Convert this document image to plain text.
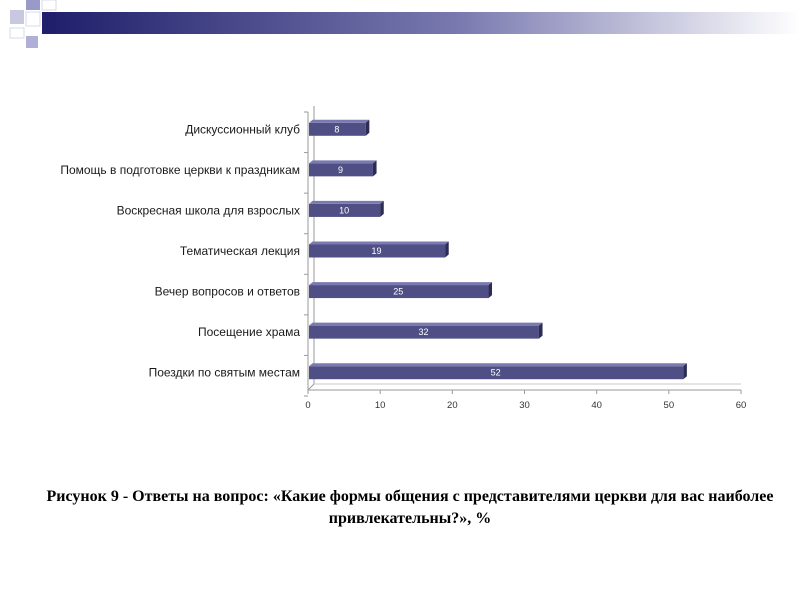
0	10	20	30	40	50	60
Дискуссионный клуб	8
Помощь в подготовке церкви к праздникам	9
Воскресная школа для взрослых	10
Тематическая лекция	19
Вечер вопросов и ответов	25
Посещение храма	32
Поездки по святым местам	52
Рисунок 9 - Ответы на вопрос: «Какие формы общения с представителями церкви для вас наиболее привлекательны?», %
